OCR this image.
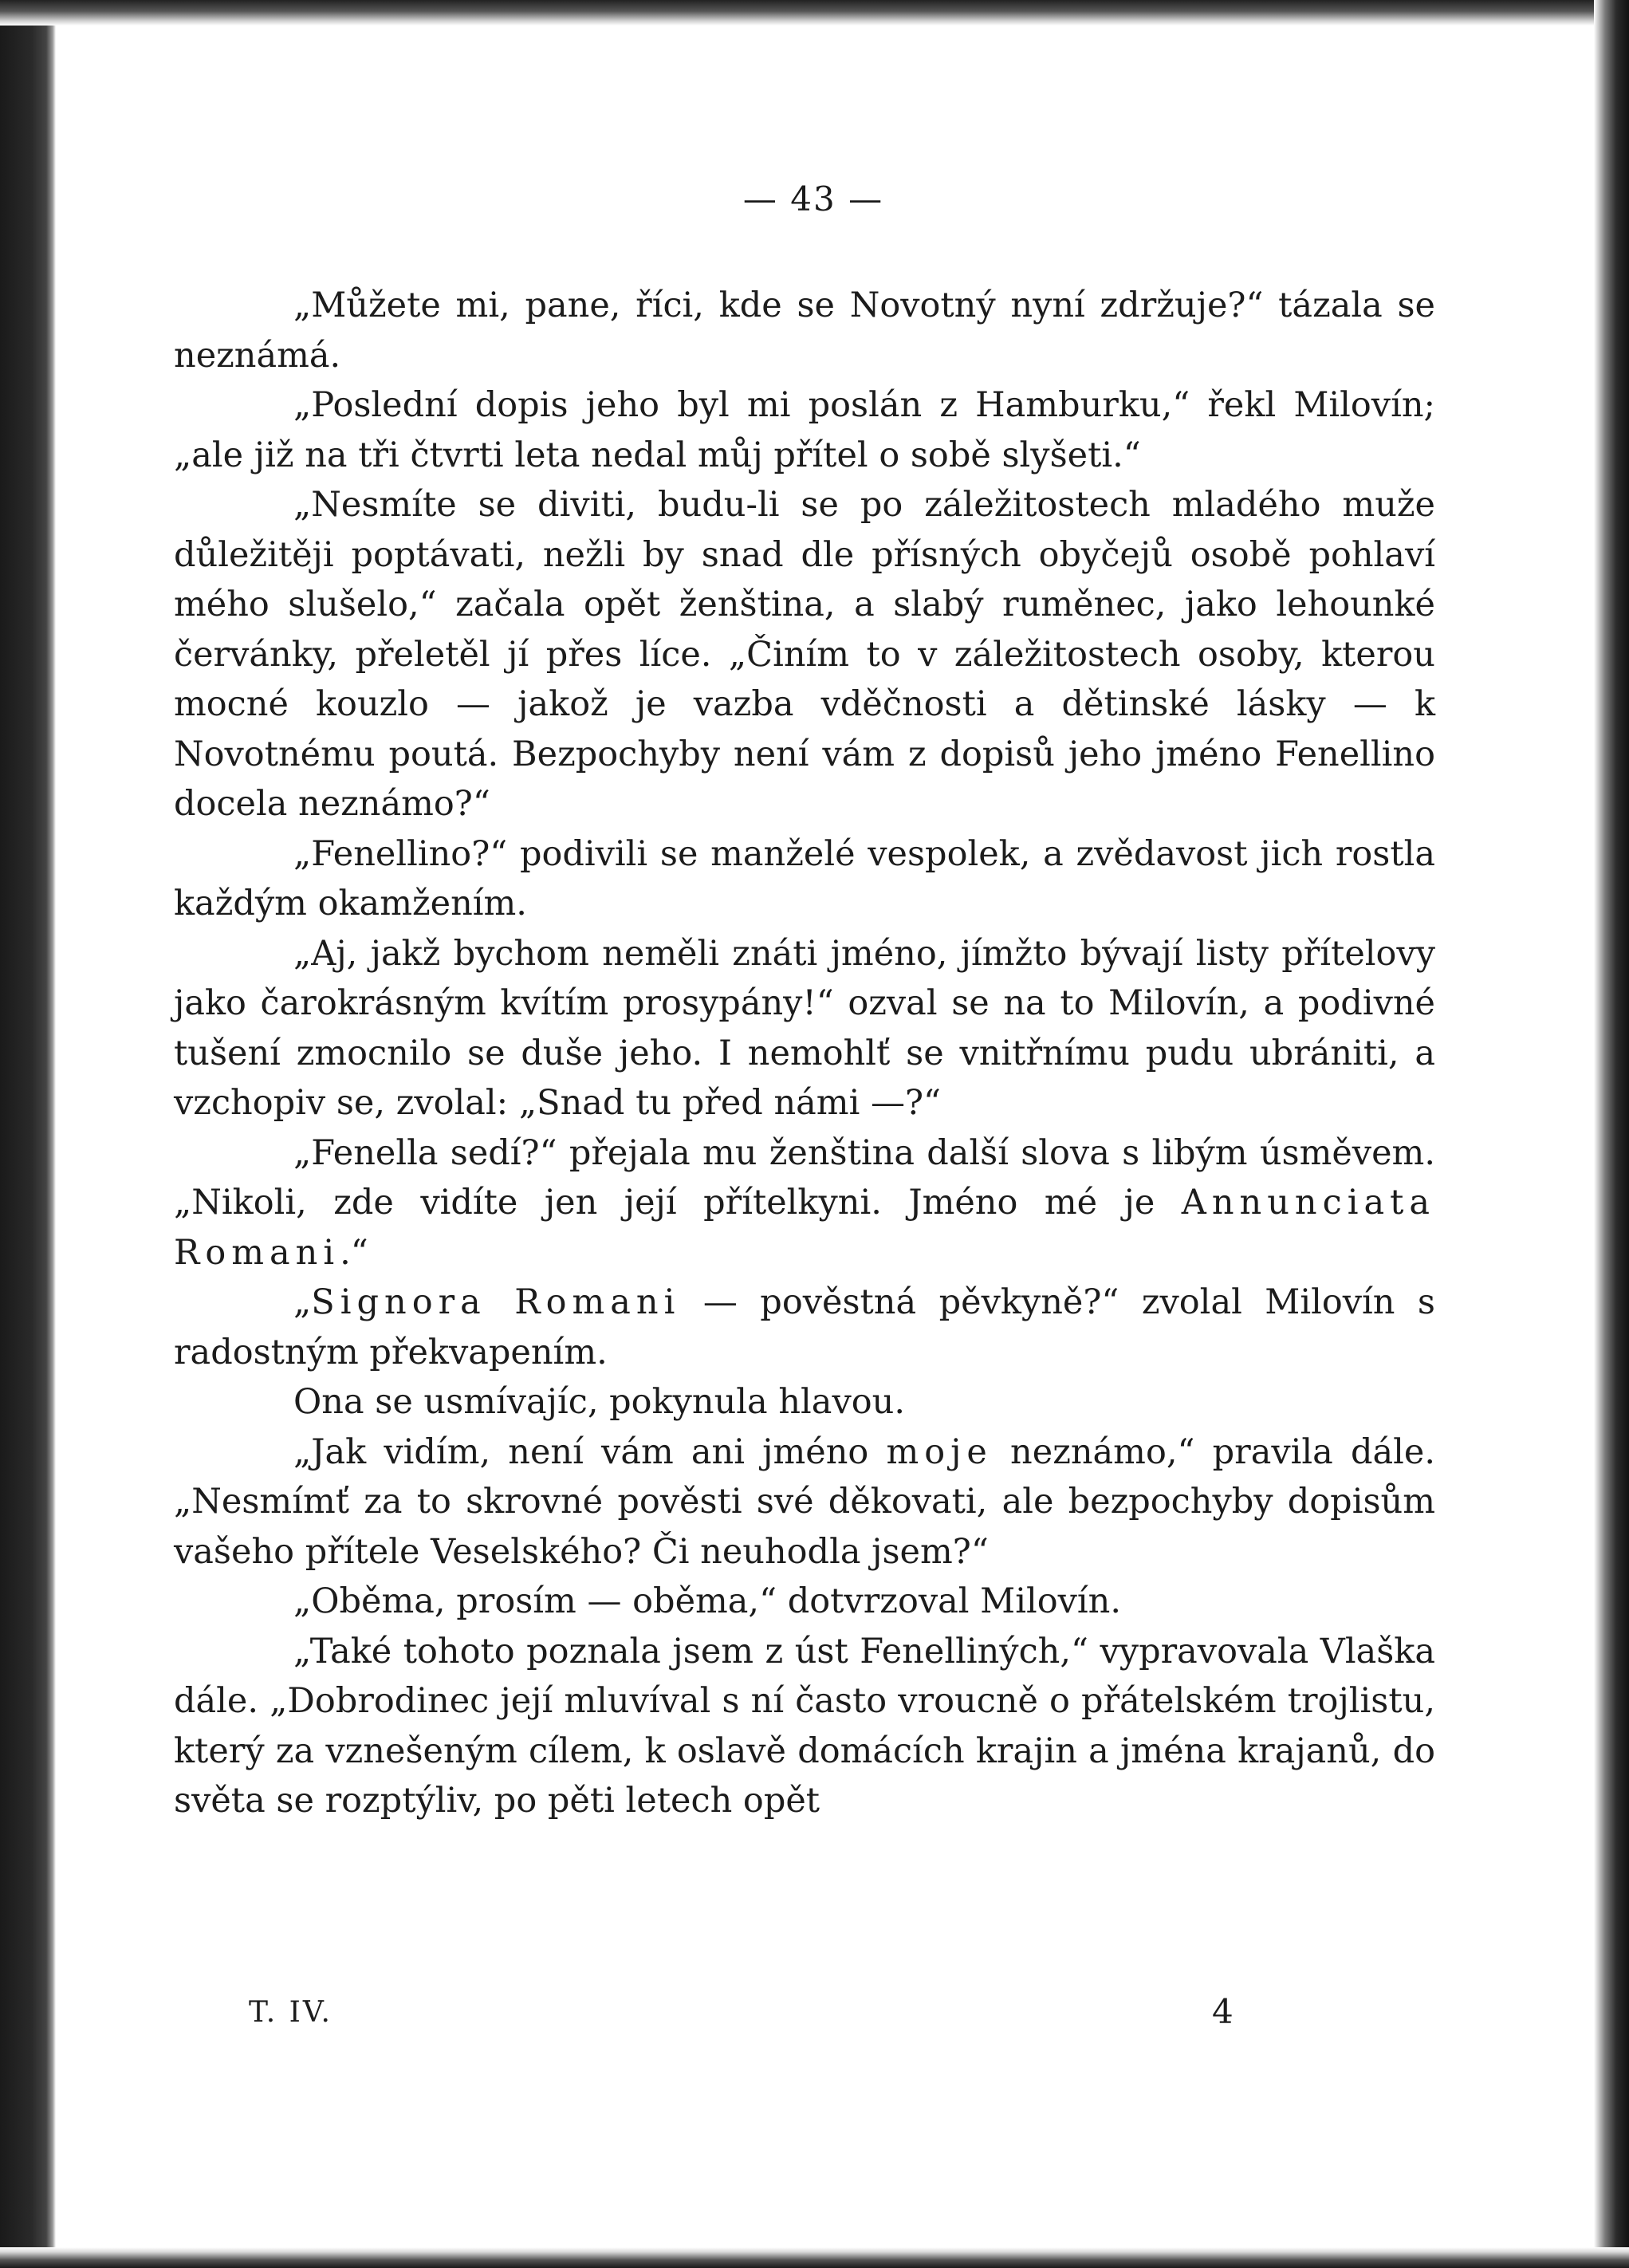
— 43 —

„Můžete mi, pane, říci, kde se Novotný nyní zdržuje?“ tázala se neznámá.

„Poslední dopis jeho byl mi poslán z Hamburku,“ řekl Milovín; „ale již na tři čtvrti leta nedal můj přítel o sobě slyšeti.“

„Nesmíte se diviti, budu-li se po záležitostech mladého muže důležitěji poptávati, nežli by snad dle přísných obyčejů osobě pohlaví mého slušelo,“ začala opět ženština, a slabý ruměnec, jako lehounké červánky, přeletěl jí přes líce. „Činím to v záležitostech osoby, kterou mocné kouzlo — jakož je vazba vděčnosti a dětinské lásky — k Novotnému poutá. Bezpochyby není vám z dopisů jeho jméno Fenellino docela neznámo?“

„Fenellino?“ podivili se manželé vespolek, a zvědavost jich rostla každým okamžením.

„Aj, jakž bychom neměli znáti jméno, jímžto bývají listy přítelovy jako čarokrásným kvítím prosypány!“ ozval se na to Milovín, a podivné tušení zmocnilo se duše jeho. I nemohlť se vnitřnímu pudu ubrániti, a vzchopiv se, zvolal: „Snad tu před námi —?“

„Fenella sedí?“ přejala mu ženština další slova s libým úsměvem. „Nikoli, zde vidíte jen její přítelkyni. Jméno mé je Annunciata Romani.“

„Signora Romani — pověstná pěvkyně?“ zvolal Milovín s radostným překvapením.

Ona se usmívajíc, pokynula hlavou.

„Jak vidím, není vám ani jméno moje neznámo,“ pravila dále. „Nesmímť za to skrovné pověsti své děkovati, ale bezpochyby dopisům vašeho přítele Veselského? Či neuhodla jsem?“

„Oběma, prosím — oběma,“ dotvrzoval Milovín.

„Také tohoto poznala jsem z úst Fenelliných,“ vypravovala Vlaška dále. „Dobrodinec její mluvíval s ní často vroucně o přátelském trojlistu, který za vznešeným cílem, k oslavě domácích krajin a jména krajanů, do světa se rozptýliv, po pěti letech opět

T. IV.	4
